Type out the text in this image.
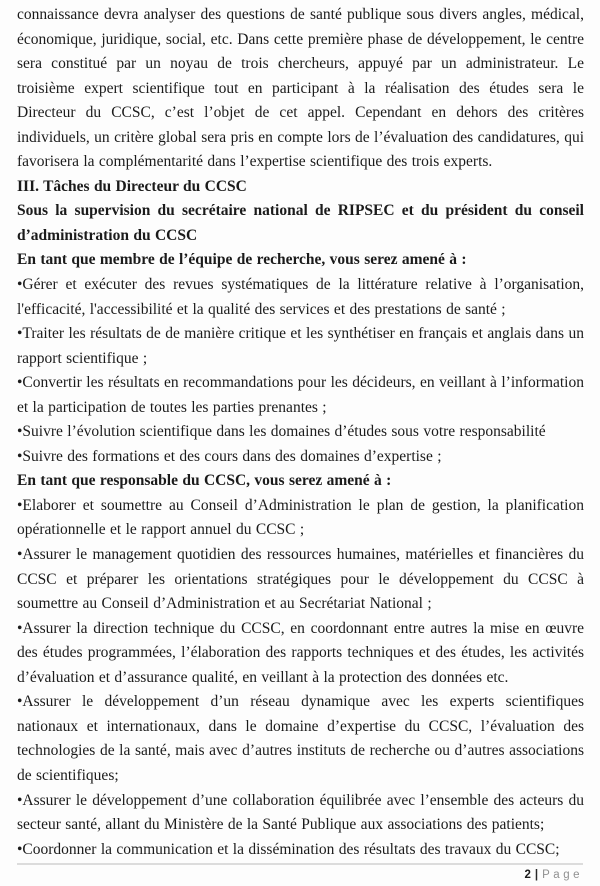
connaissance devra analyser des questions de santé publique sous divers angles, médical, économique, juridique, social, etc. Dans cette première phase de développement, le centre sera constitué par un noyau de trois chercheurs, appuyé par un administrateur. Le troisième expert scientifique tout en participant à la réalisation des études sera le Directeur du CCSC, c’est l’objet de cet appel. Cependant en dehors des critères individuels, un critère global sera pris en compte lors de l’évaluation des candidatures, qui favorisera la complémentarité dans l’expertise scientifique des trois experts.

III. Tâches du Directeur du CCSC

Sous la supervision du secrétaire national de RIPSEC et du président du conseil d’administration du CCSC

En tant que membre de l’équipe de recherche, vous serez amené à :

•Gérer et exécuter des revues systématiques de la littérature relative à l’organisation, l'efficacité, l'accessibilité et la qualité des services et des prestations de santé ;

•Traiter les résultats de de manière critique et les synthétiser en français et anglais dans un rapport scientifique ;

•Convertir les résultats en recommandations pour les décideurs, en veillant à l’information et la participation de toutes les parties prenantes ;

•Suivre l’évolution scientifique dans les domaines d’études sous votre responsabilité

•Suivre des formations et des cours dans des domaines d’expertise ;

En tant que responsable du CCSC, vous serez amené à :

•Elaborer et soumettre au Conseil d’Administration le plan de gestion, la planification opérationnelle et le rapport annuel du CCSC ;

•Assurer le management quotidien des ressources humaines, matérielles et financières du CCSC et préparer les orientations stratégiques pour le développement du CCSC à soumettre au Conseil d’Administration et au Secrétariat National ;

•Assurer la direction technique du CCSC, en coordonnant entre autres la mise en œuvre des études programmées, l’élaboration des rapports techniques et des études, les activités d’évaluation et d’assurance qualité, en veillant à la protection des données etc.

•Assurer le développement d’un réseau dynamique avec les experts scientifiques nationaux et internationaux, dans le domaine d’expertise du CCSC, l’évaluation des technologies de la santé, mais avec d’autres instituts de recherche ou d’autres associations de scientifiques;

•Assurer le développement d’une collaboration équilibrée avec l’ensemble des acteurs du secteur santé, allant du Ministère de la Santé Publique aux associations des patients;

•Coordonner la communication et la dissémination des résultats des travaux du CCSC;

2 | Page
